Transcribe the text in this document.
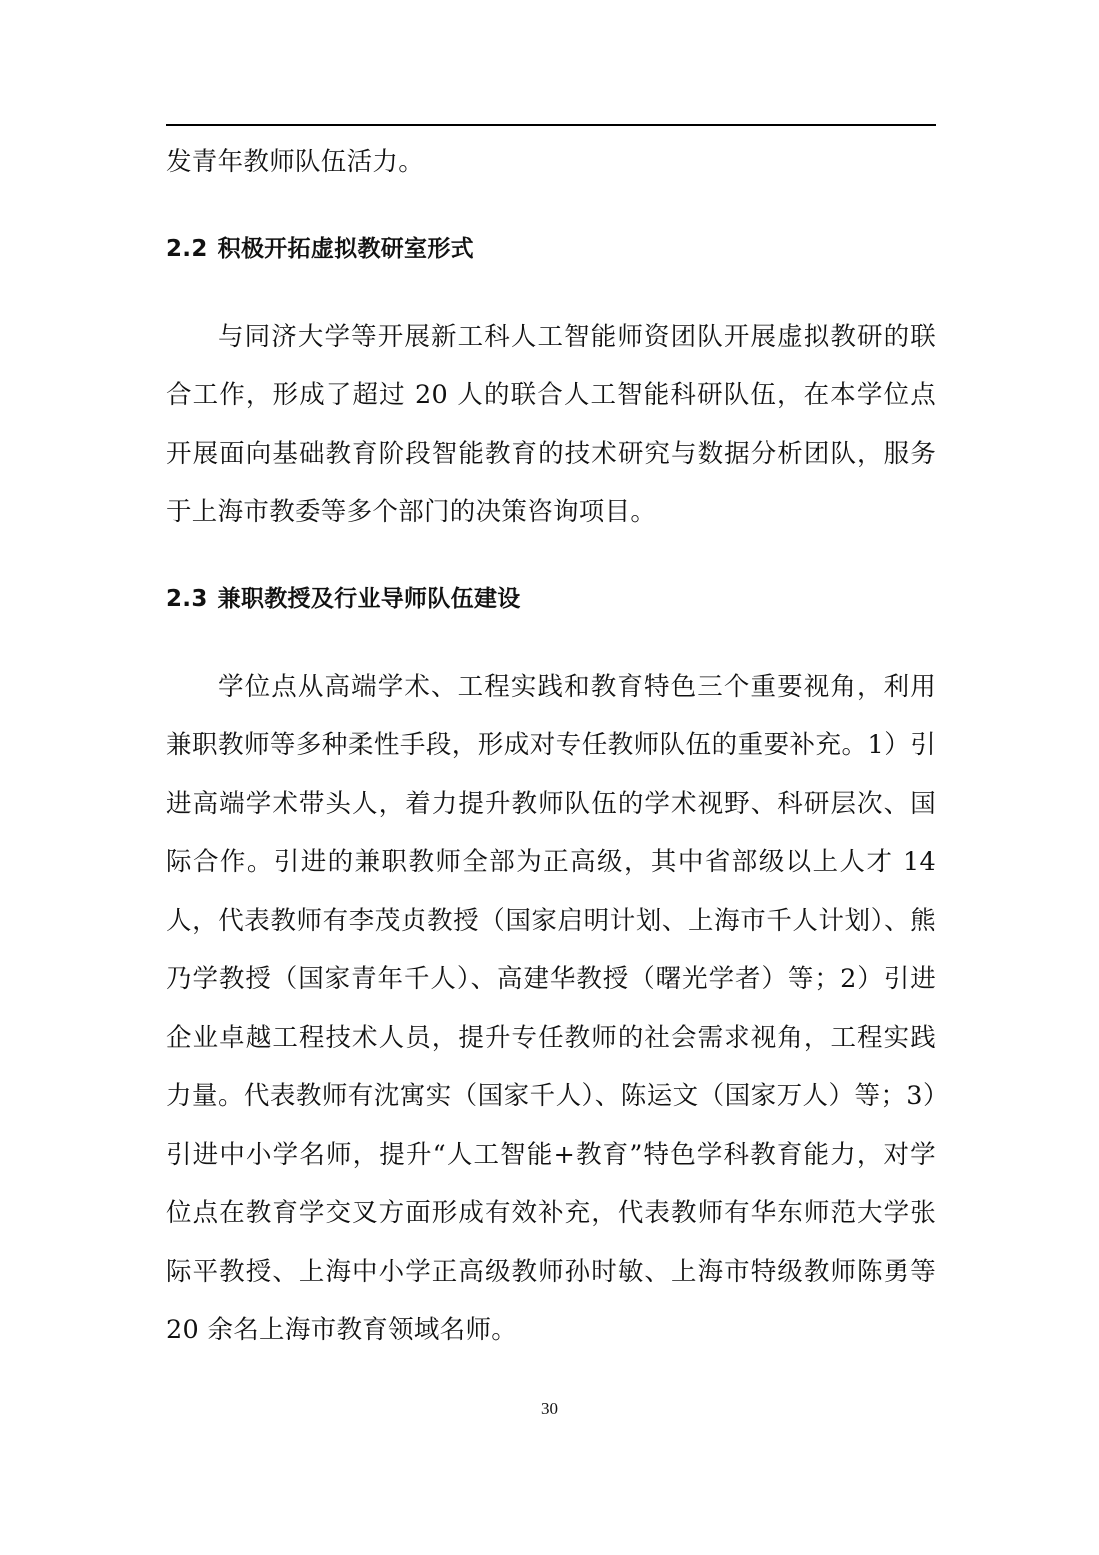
发青年教师队伍活力。

2.2 积极开拓虚拟教研室形式

与同济大学等开展新工科人工智能师资团队开展虚拟教研的联合工作，形成了超过 20 人的联合人工智能科研队伍，在本学位点开展面向基础教育阶段智能教育的技术研究与数据分析团队，服务于上海市教委等多个部门的决策咨询项目。

2.3 兼职教授及行业导师队伍建设

学位点从高端学术、工程实践和教育特色三个重要视角，利用兼职教师等多种柔性手段，形成对专任教师队伍的重要补充。1）引进高端学术带头人，着力提升教师队伍的学术视野、科研层次、国际合作。引进的兼职教师全部为正高级，其中省部级以上人才 14 人，代表教师有李茂贞教授（国家启明计划、上海市千人计划）、熊乃学教授（国家青年千人）、高建华教授（曙光学者）等；2）引进企业卓越工程技术人员，提升专任教师的社会需求视角，工程实践力量。代表教师有沈寓实（国家千人）、陈运文（国家万人）等；3）引进中小学名师，提升“人工智能+教育”特色学科教育能力，对学位点在教育学交叉方面形成有效补充，代表教师有华东师范大学张际平教授、上海中小学正高级教师孙时敏、上海市特级教师陈勇等 20 余名上海市教育领域名师。

30
